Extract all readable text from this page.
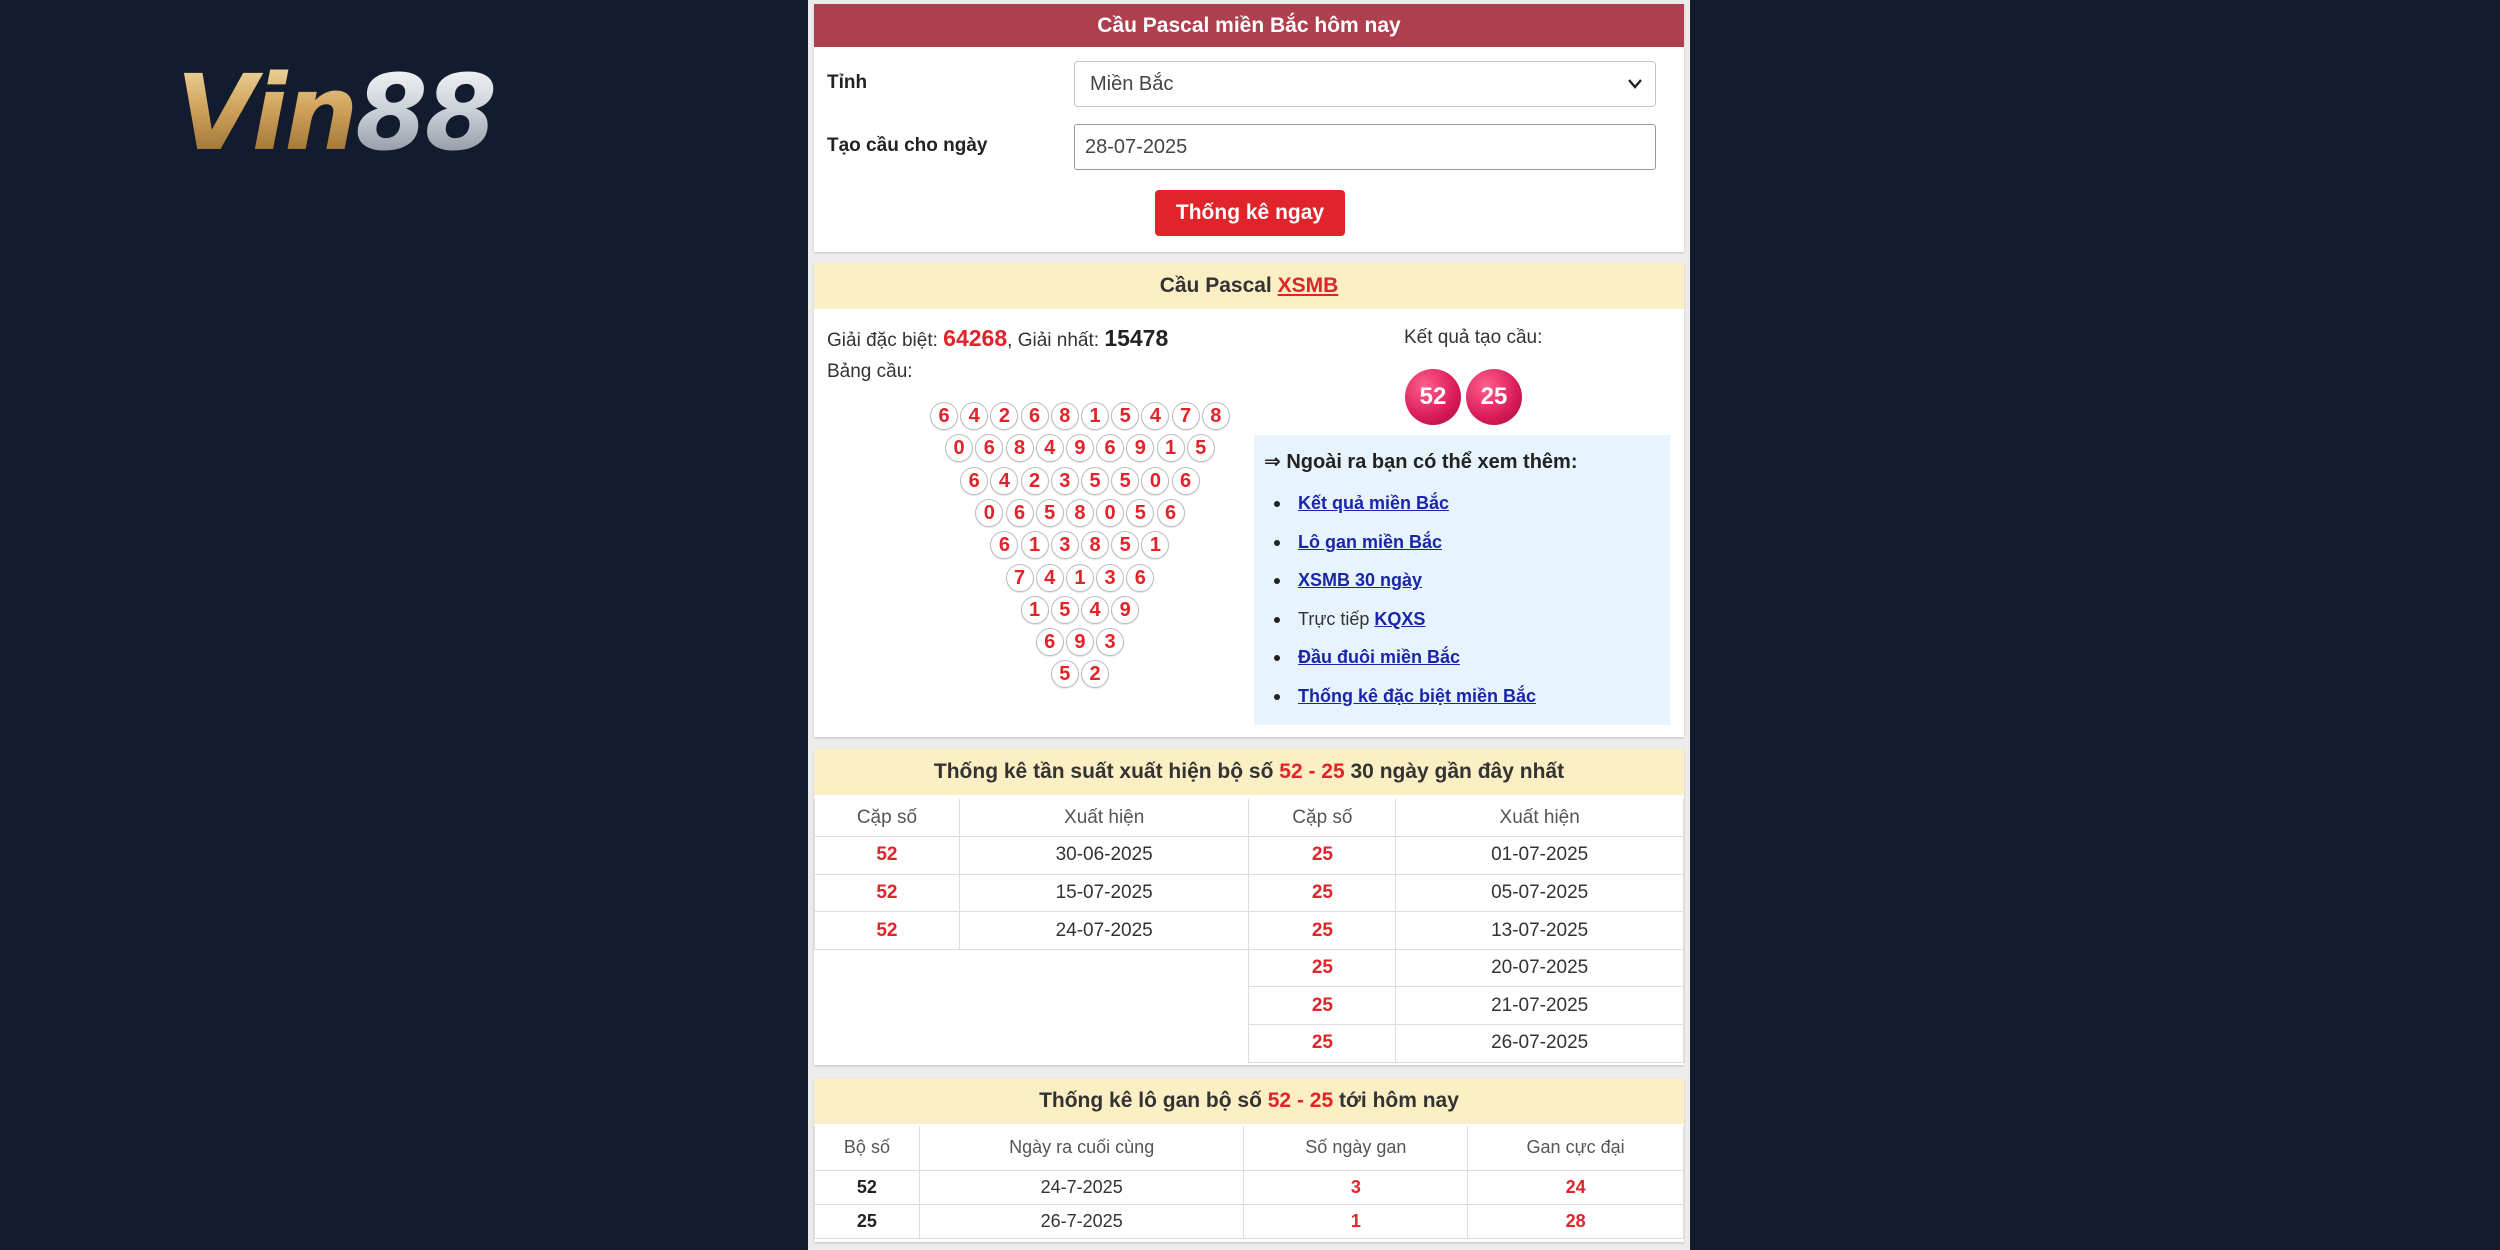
Vin88
Cầu Pascal miền Bắc hôm nay
Tỉnh	Miền Bắc
Tạo cầu cho ngày	28-07-2025
Thống kê ngay
Cầu Pascal XSMB
Giải đặc biệt: 64268, Giải nhất: 15478
Bảng cầu:
6 4 2 6 8 1 5 4 7 8
0 6 8 4 9 6 9 1 5
6 4 2 3 5 5 0 6
0 6 5 8 0 5 6
6 1 3 8 5 1
7 4 1 3 6
1 5 4 9
6 9 3
5 2
Kết quả tạo cầu:
52	25
⇒ Ngoài ra bạn có thể xem thêm:
Kết quả miền Bắc
Lô gan miền Bắc
XSMB 30 ngày
Trực tiếp KQXS
Đầu đuôi miền Bắc
Thống kê đặc biệt miền Bắc
Thống kê tần suất xuất hiện bộ số 52 - 25 30 ngày gần đây nhất
Cặp số	Xuất hiện	Cặp số	Xuất hiện
52	30-06-2025	25	01-07-2025
52	15-07-2025	25	05-07-2025
52	24-07-2025	25	13-07-2025
		25	20-07-2025
		25	21-07-2025
		25	26-07-2025
Thống kê lô gan bộ số 52 - 25 tới hôm nay
Bộ số	Ngày ra cuối cùng	Số ngày gan	Gan cực đại
52	24-7-2025	3	24
25	26-7-2025	1	28
